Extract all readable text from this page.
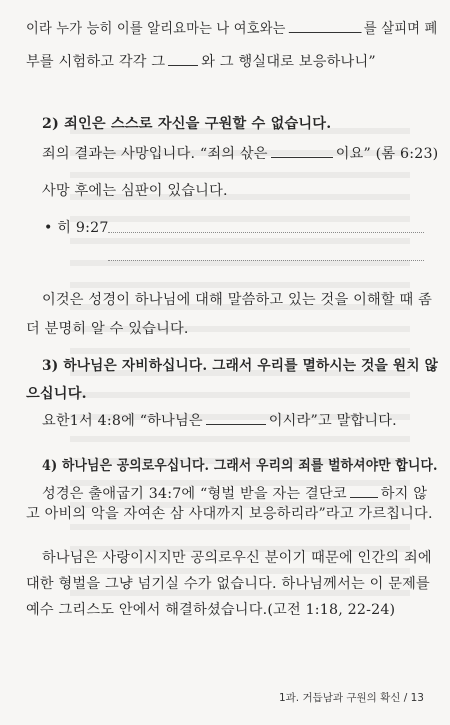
이라 누가 능히 이를 알리요마는 나 여호와는	를 살피며 폐
부를 시험하고 각각 그	와 그 행실대로 보응하나니”
2) 죄인은 스스로 자신을 구원할 수 없습니다.
죄의 결과는 사망입니다. “죄의 삯은	이요” (롬 6:23)
사망 후에는 심판이 있습니다.
• 히 9:27
이것은 성경이 하나님에 대해 말씀하고 있는 것을 이해할 때 좀
더 분명히 알 수 있습니다.
3) 하나님은 자비하십니다. 그래서 우리를 멸하시는 것을 원치 않
으십니다.
요한1서 4:8에 “하나님은	이시라”고 말합니다.
4) 하나님은 공의로우십니다. 그래서 우리의 죄를 벌하셔야만 합니다.
성경은 출애굽기 34:7에 “형벌 받을 자는 결단코 하지 않
고 아비의 악을 자여손 삼 사대까지 보응하리라”라고 가르칩니다.
하나님은 사랑이시지만 공의로우신 분이기 때문에 인간의 죄에
대한 형벌을 그냥 넘기실 수가 없습니다. 하나님께서는 이 문제를
예수 그리스도 안에서 해결하셨습니다.(고전 1:18, 22-24)
1과. 거듭남과 구원의 확신 / 13
